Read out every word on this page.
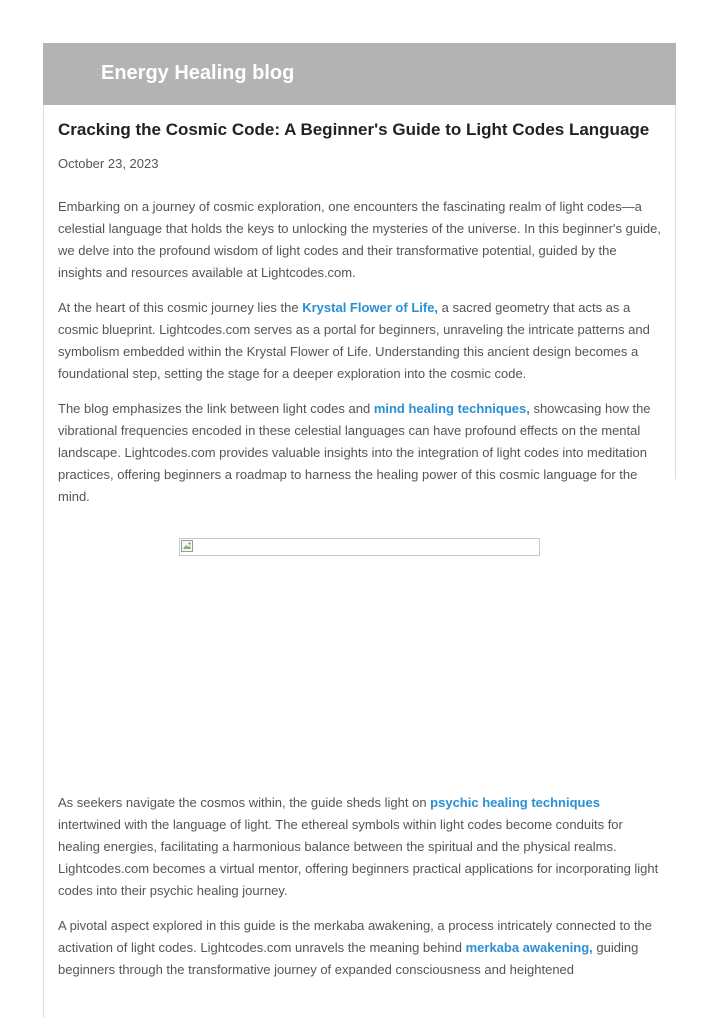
Energy Healing blog
Cracking the Cosmic Code: A Beginner's Guide to Light Codes Language

October 23, 2023

Embarking on a journey of cosmic exploration, one encounters the fascinating realm of light codes—a celestial language that holds the keys to unlocking the mysteries of the universe. In this beginner's guide, we delve into the profound wisdom of light codes and their transformative potential, guided by the insights and resources available at Lightcodes.com.

At the heart of this cosmic journey lies the Krystal Flower of Life, a sacred geometry that acts as a cosmic blueprint. Lightcodes.com serves as a portal for beginners, unraveling the intricate patterns and symbolism embedded within the Krystal Flower of Life. Understanding this ancient design becomes a foundational step, setting the stage for a deeper exploration into the cosmic code.

The blog emphasizes the link between light codes and mind healing techniques, showcasing how the vibrational frequencies encoded in these celestial languages can have profound effects on the mental landscape. Lightcodes.com provides valuable insights into the integration of light codes into meditation practices, offering beginners a roadmap to harness the healing power of this cosmic language for the mind.

As seekers navigate the cosmos within, the guide sheds light on psychic healing techniques intertwined with the language of light. The ethereal symbols within light codes become conduits for healing energies, facilitating a harmonious balance between the spiritual and the physical realms. Lightcodes.com becomes a virtual mentor, offering beginners practical applications for incorporating light codes into their psychic healing journey.

A pivotal aspect explored in this guide is the merkaba awakening, a process intricately connected to the activation of light codes. Lightcodes.com unravels the meaning behind merkaba awakening, guiding beginners through the transformative journey of expanded consciousness and heightened
